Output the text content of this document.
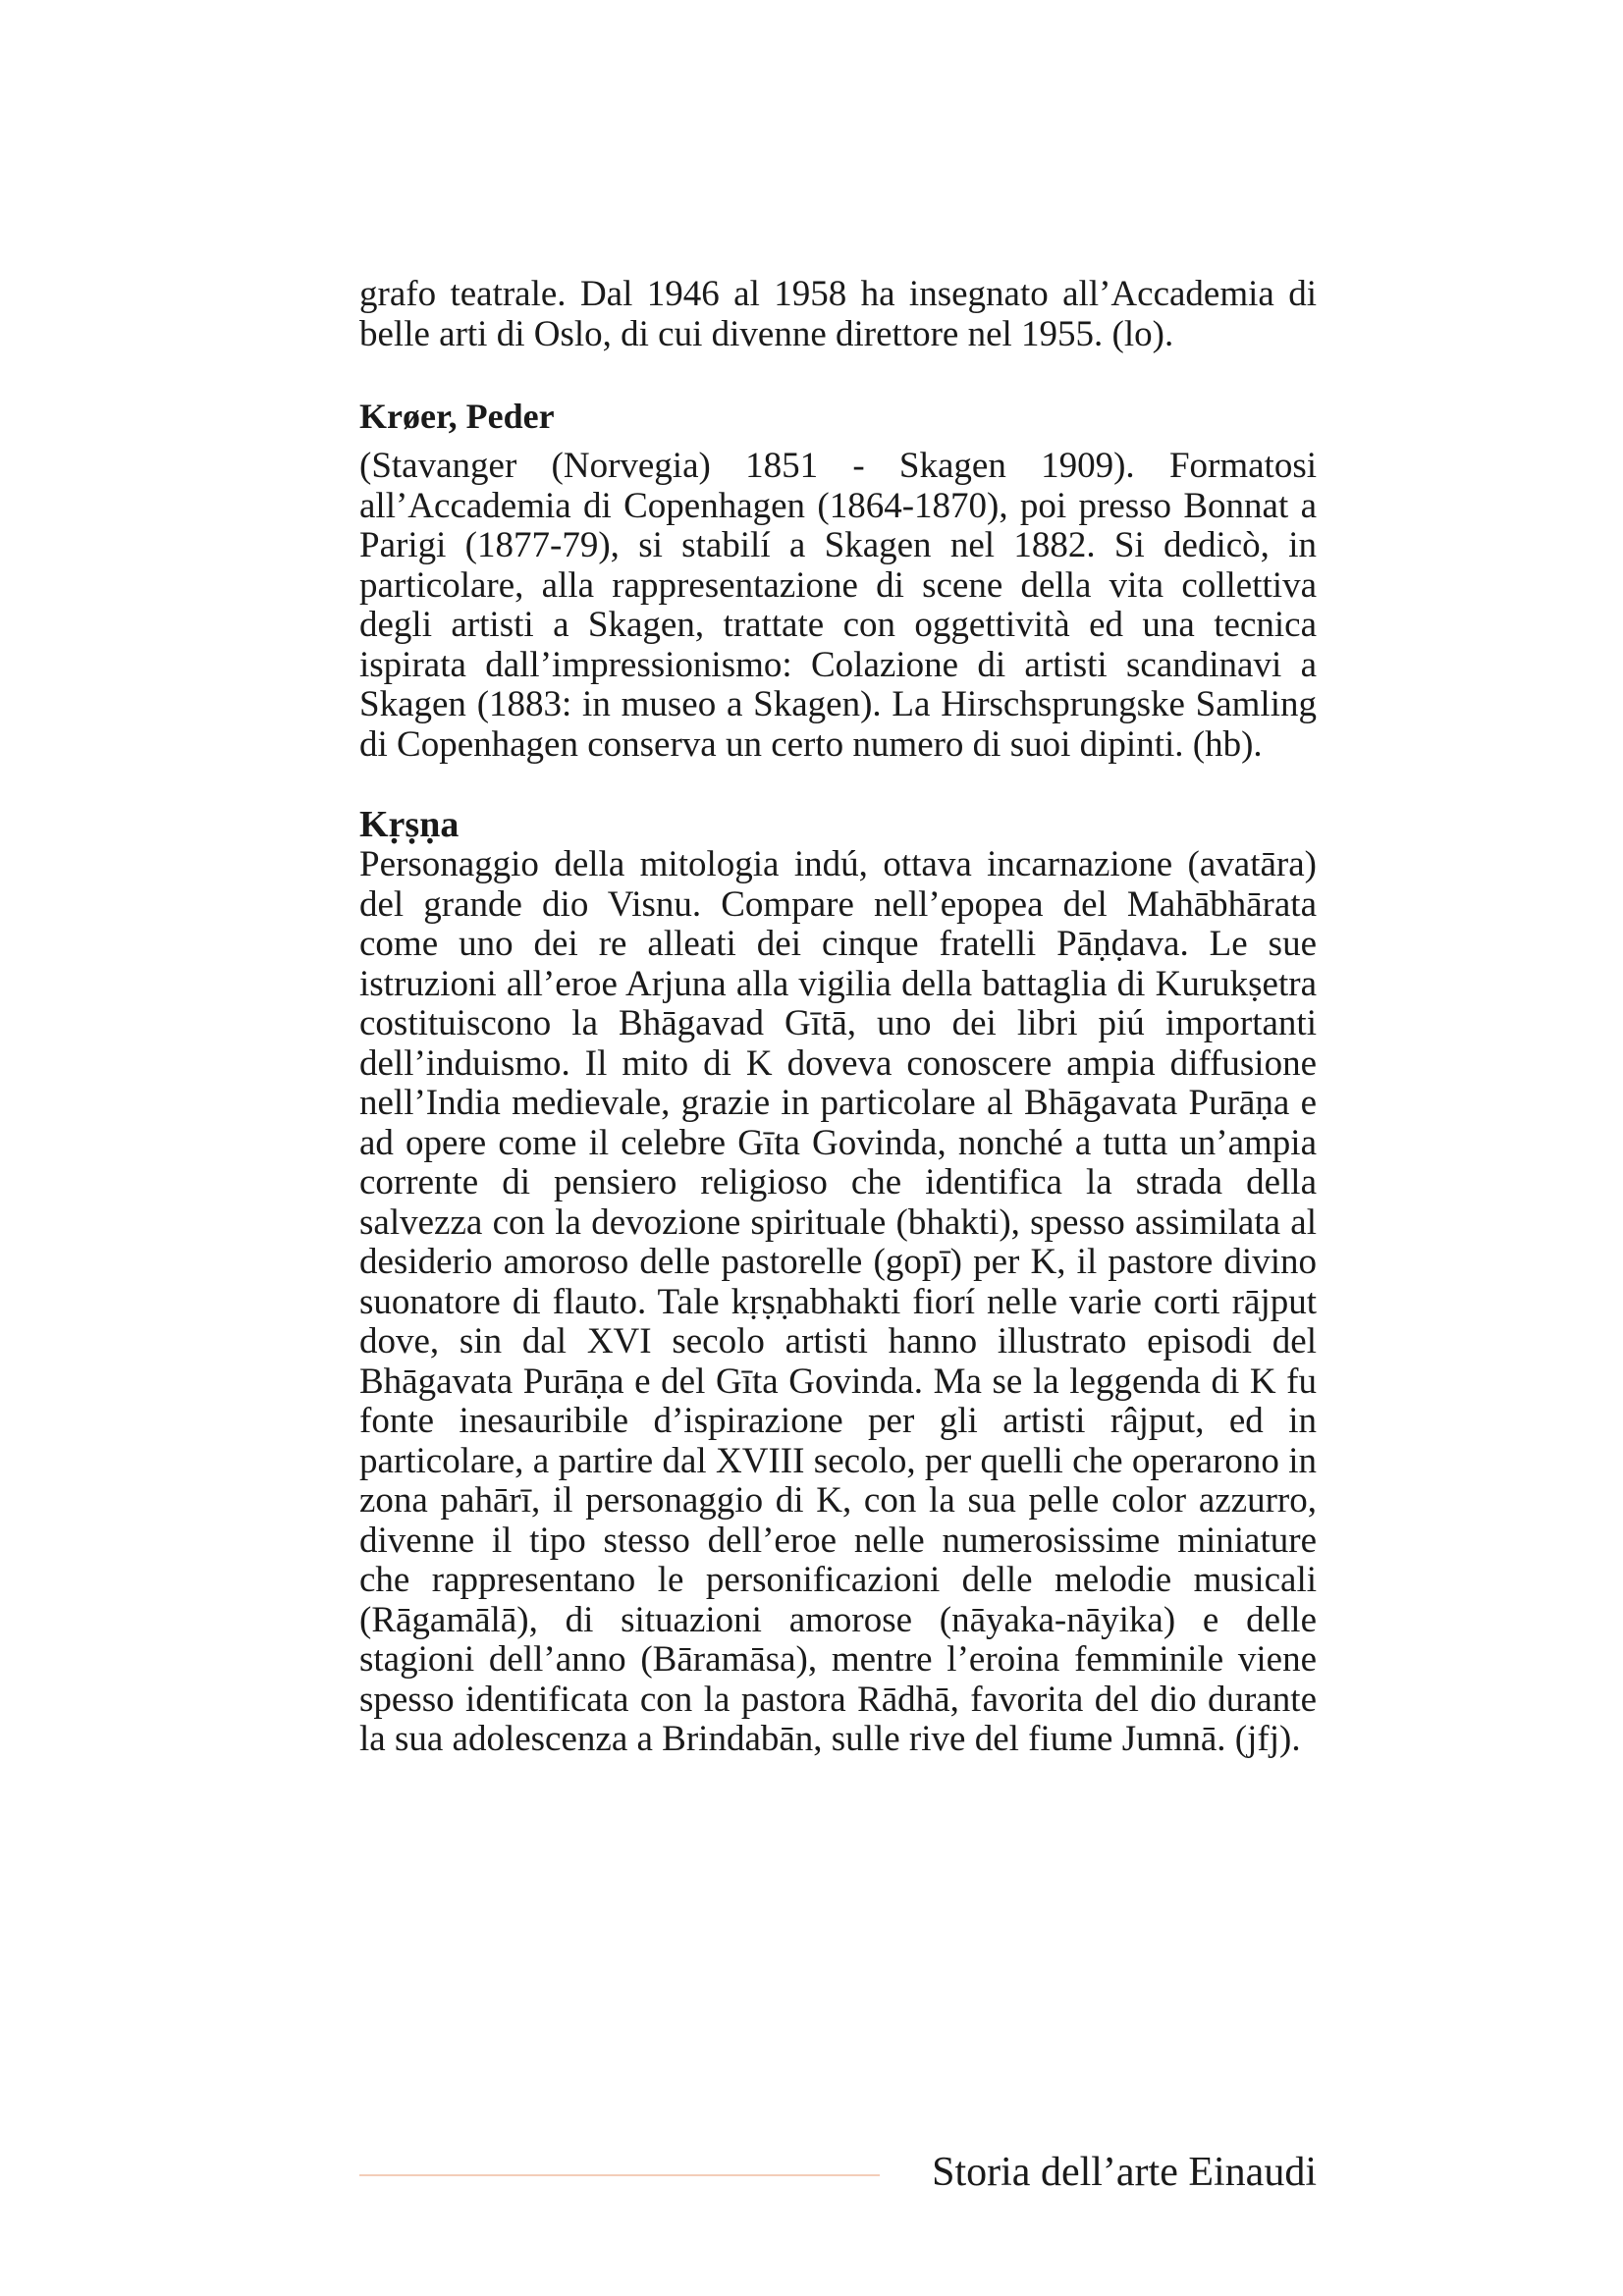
grafo teatrale. Dal 1946 al 1958 ha insegnato all’Accademia di belle arti di Oslo, di cui divenne direttore nel 1955. (lo).

Krøer, Peder

(Stavanger (Norvegia) 1851 - Skagen 1909). Formatosi all’Accademia di Copenhagen (1864-1870), poi presso Bonnat a Parigi (1877-79), si stabilí a Skagen nel 1882. Si dedicò, in particolare, alla rappresentazione di scene della vita collettiva degli artisti a Skagen, trattate con oggettività ed una tecnica ispirata dall’impressionismo: Colazione di artisti scandinavi a Skagen (1883: in museo a Skagen). La Hirschsprungske Samling di Copenhagen conserva un certo numero di suoi dipinti. (hb).

Kṛṣṇa

Personaggio della mitologia indú, ottava incarnazione (avatāra) del grande dio Visnu. Compare nell’epopea del Mahābhārata come uno dei re alleati dei cinque fratelli Pāṇḍava. Le sue istruzioni all’eroe Arjuna alla vigilia della battaglia di Kurukṣetra costituiscono la Bhāgavad Gītā, uno dei libri piú importanti dell’induismo. Il mito di K doveva conoscere ampia diffusione nell’India medievale, grazie in particolare al Bhāgavata Purāṇa e ad opere come il celebre Gīta Govinda, nonché a tutta un’ampia corrente di pensiero religioso che identifica la strada della salvezza con la devozione spirituale (bhakti), spesso assimilata al desiderio amoroso delle pastorelle (gopī) per K, il pastore divino suonatore di flauto. Tale kṛṣṇabhakti fiorí nelle varie corti rājput dove, sin dal XVI secolo artisti hanno illustrato episodi del Bhāgavata Purāṇa e del Gīta Govinda. Ma se la leggenda di K fu fonte inesauribile d’ispirazione per gli artisti râjput, ed in particolare, a partire dal XVIII secolo, per quelli che operarono in zona pahārī, il personaggio di K, con la sua pelle color azzurro, divenne il tipo stesso dell’eroe nelle numerosissime miniature che rappresentano le personificazioni delle melodie musicali (Rāgamālā), di situazioni amorose (nāyaka-nāyika) e delle stagioni dell’anno (Bāramāsa), mentre l’eroina femminile viene spesso identificata con la pastora Rādhā, favorita del dio durante la sua adolescenza a Brindabān, sulle rive del fiume Jumnā. (jfj).

Storia dell’arte Einaudi
